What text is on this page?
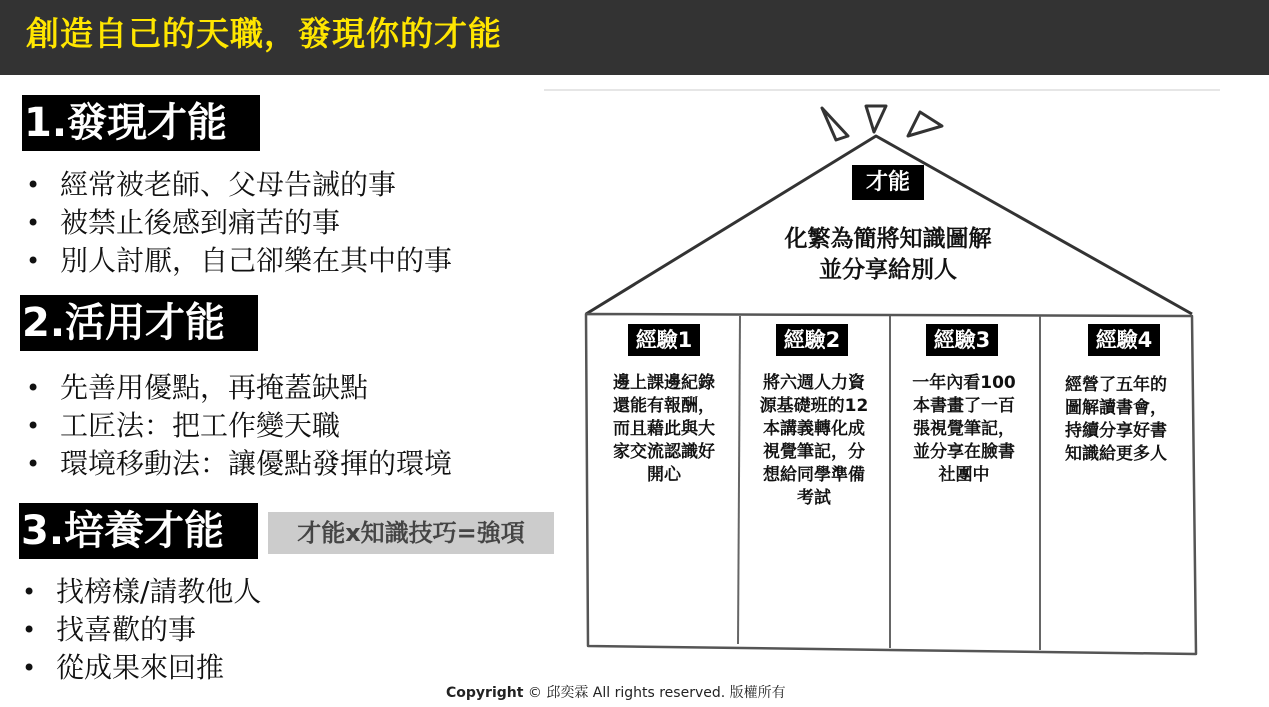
創造自己的天職，發現你的才能
1.發現才能
• 經常被老師、父母告誡的事
• 被禁止後感到痛苦的事
• 別人討厭，自己卻樂在其中的事
2.活用才能
• 先善用優點，再掩蓋缺點
• 工匠法：把工作變天職
• 環境移動法：讓優點發揮的環境
3.培養才能	才能x知識技巧=強項
• 找榜樣/請教他人
• 找喜歡的事
• 從成果來回推
才能
化繁為簡將知識圖解
並分享給別人
經驗1
邊上課邊紀錄
還能有報酬，
而且藉此與大
家交流認識好
開心
經驗2
將六週人力資
源基礎班的12
本講義轉化成
視覺筆記，分
想給同學準備
考試
經驗3
一年內看100
本書畫了一百
張視覺筆記，
並分享在臉書
社團中
經驗4
經營了五年的
圖解讀書會，
持續分享好書
知識給更多人
Copyright © 邱奕霖 All rights reserved. 版權所有
